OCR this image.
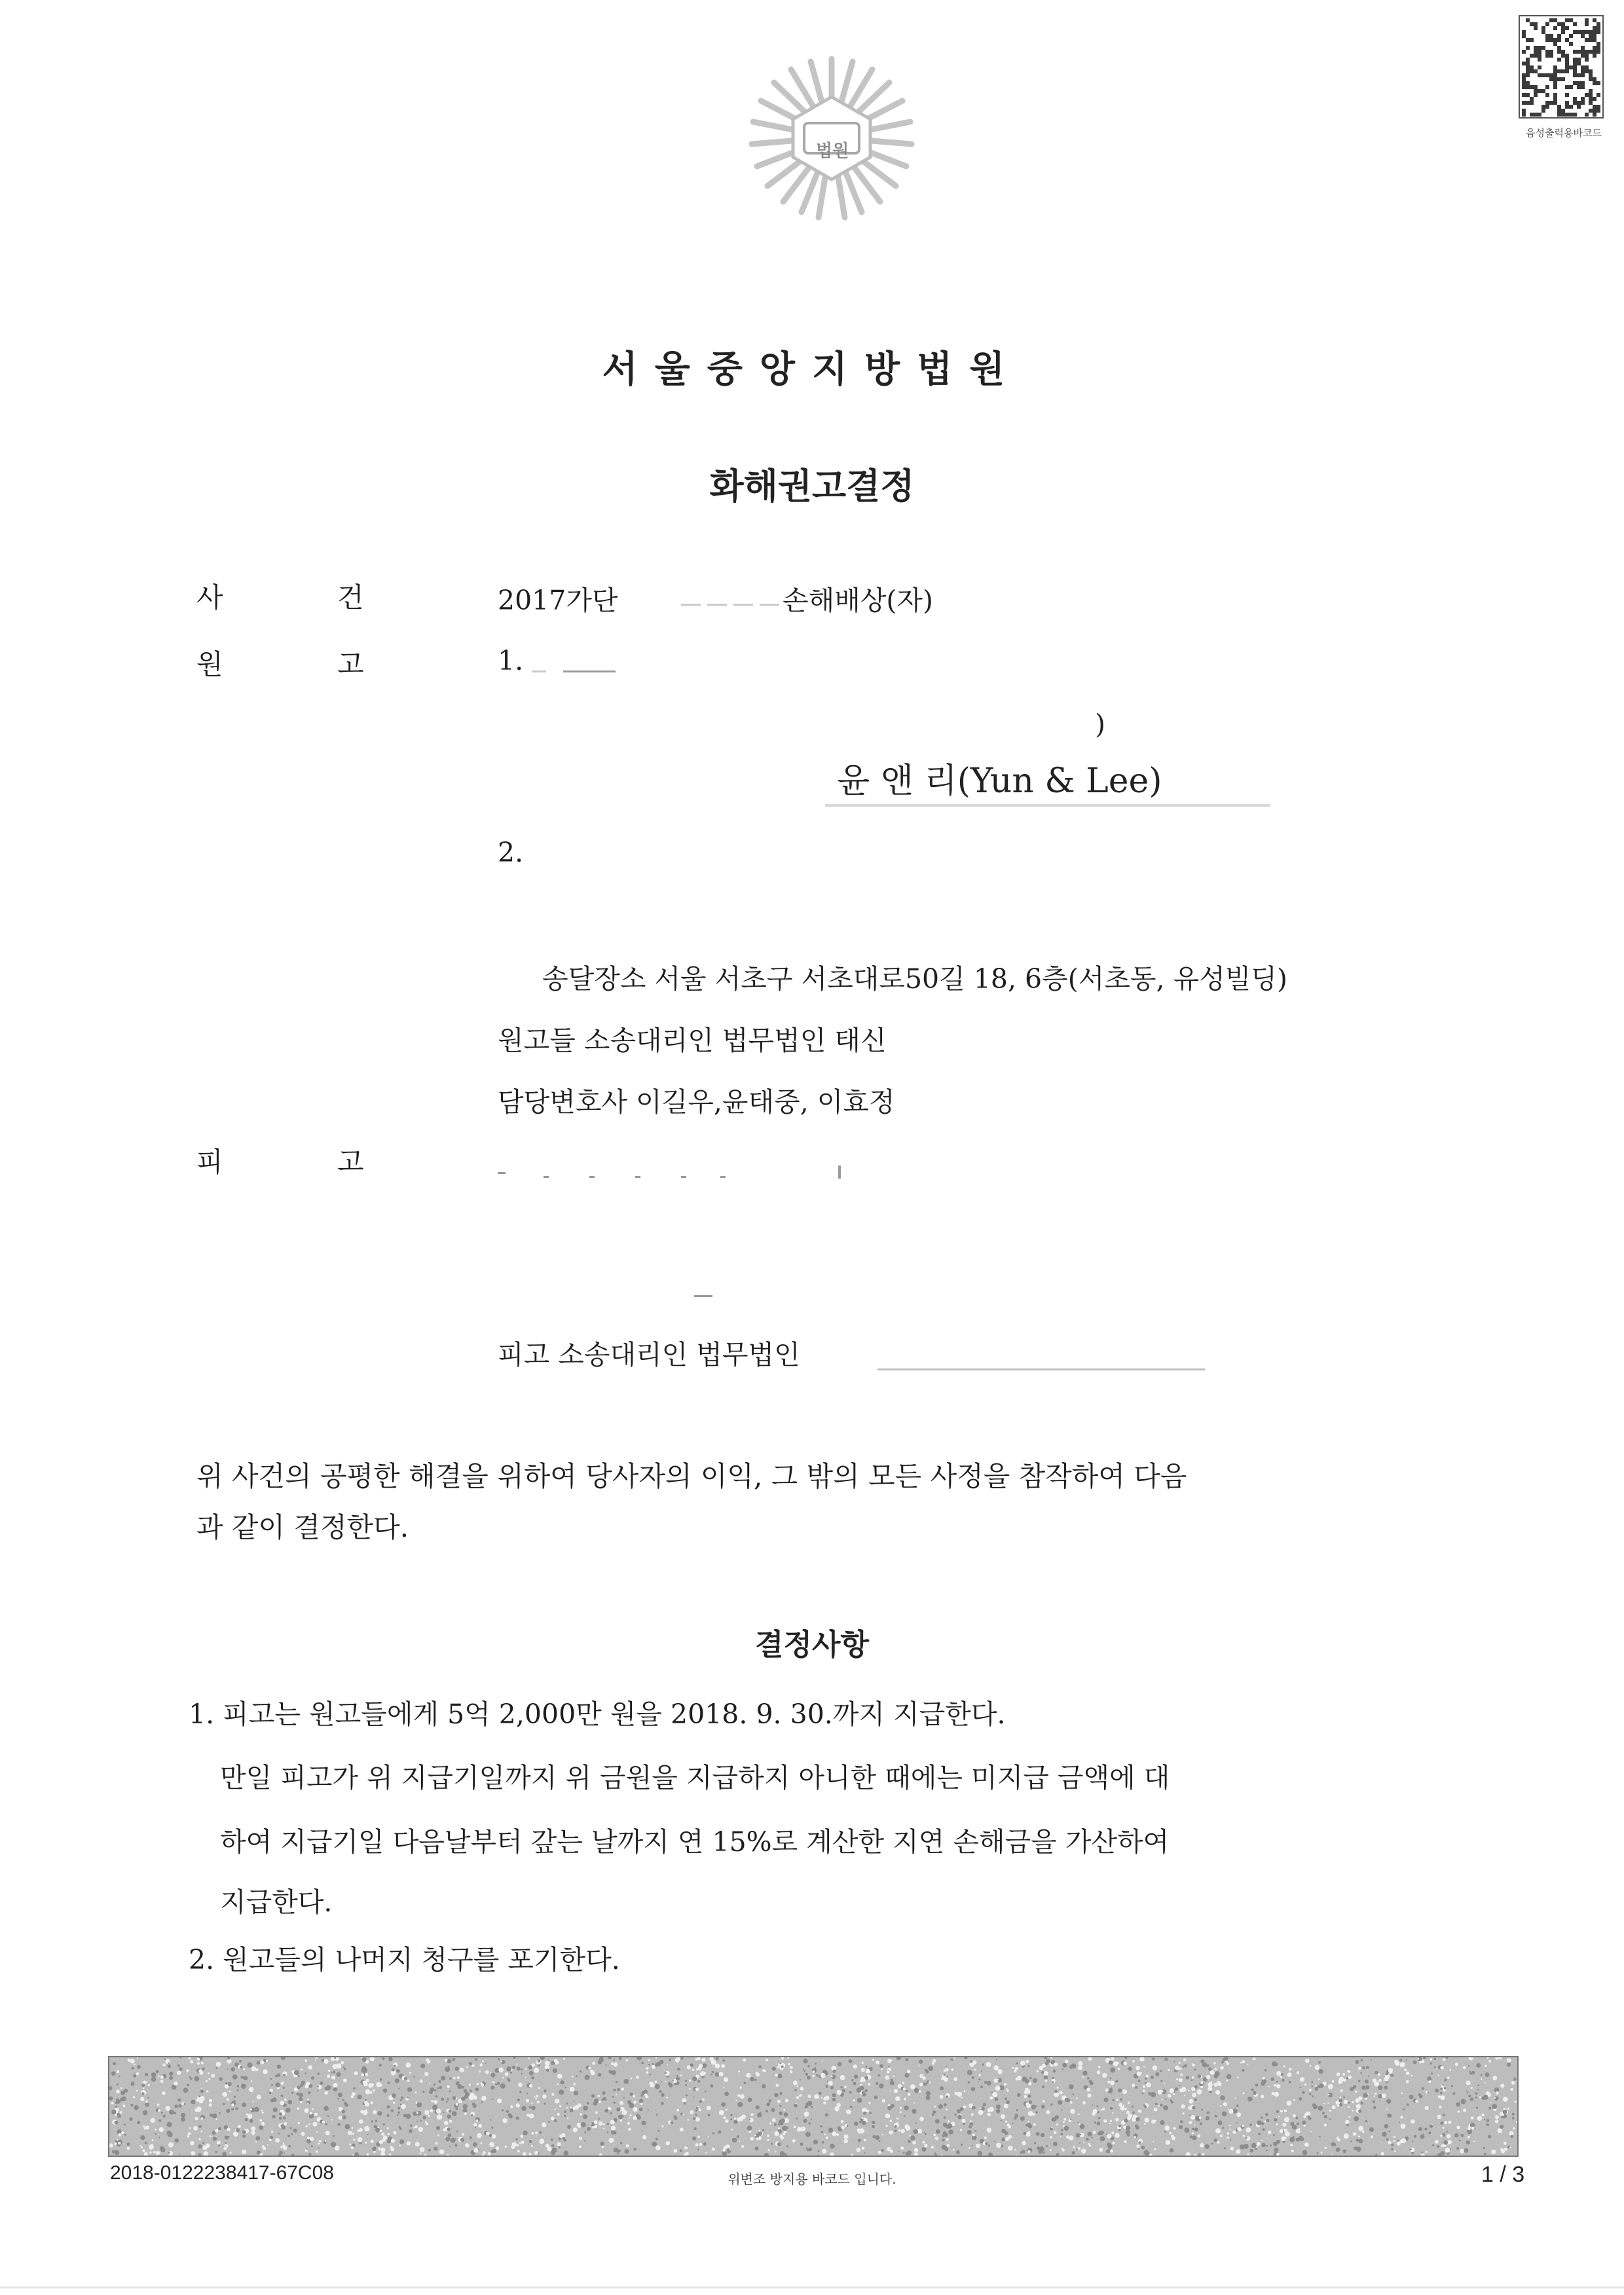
법원
음성출력용바코드
서울중앙지방법원
화해권고결정
사	건	2017가단	손해배상(자)
원	고	1.
)
윤 앤 리(Yun & Lee)
2.
송달장소 서울 서초구 서초대로50길 18, 6층(서초동, 유성빌딩)
원고들 소송대리인 법무법인 태신
담당변호사 이길우,윤태중, 이효정
피	고
피고 소송대리인 법무법인
위 사건의 공평한 해결을 위하여 당사자의 이익, 그 밖의 모든 사정을 참작하여 다음
과 같이 결정한다.
결정사항
1. 피고는 원고들에게 5억 2,000만 원을 2018. 9. 30.까지 지급한다.
만일 피고가 위 지급기일까지 위 금원을 지급하지 아니한 때에는 미지급 금액에 대
하여 지급기일 다음날부터 갚는 날까지 연 15%로 계산한 지연 손해금을 가산하여
지급한다.
2. 원고들의 나머지 청구를 포기한다.
2018-0122238417-67C08	위변조 방지용 바코드 입니다.	1 / 3
